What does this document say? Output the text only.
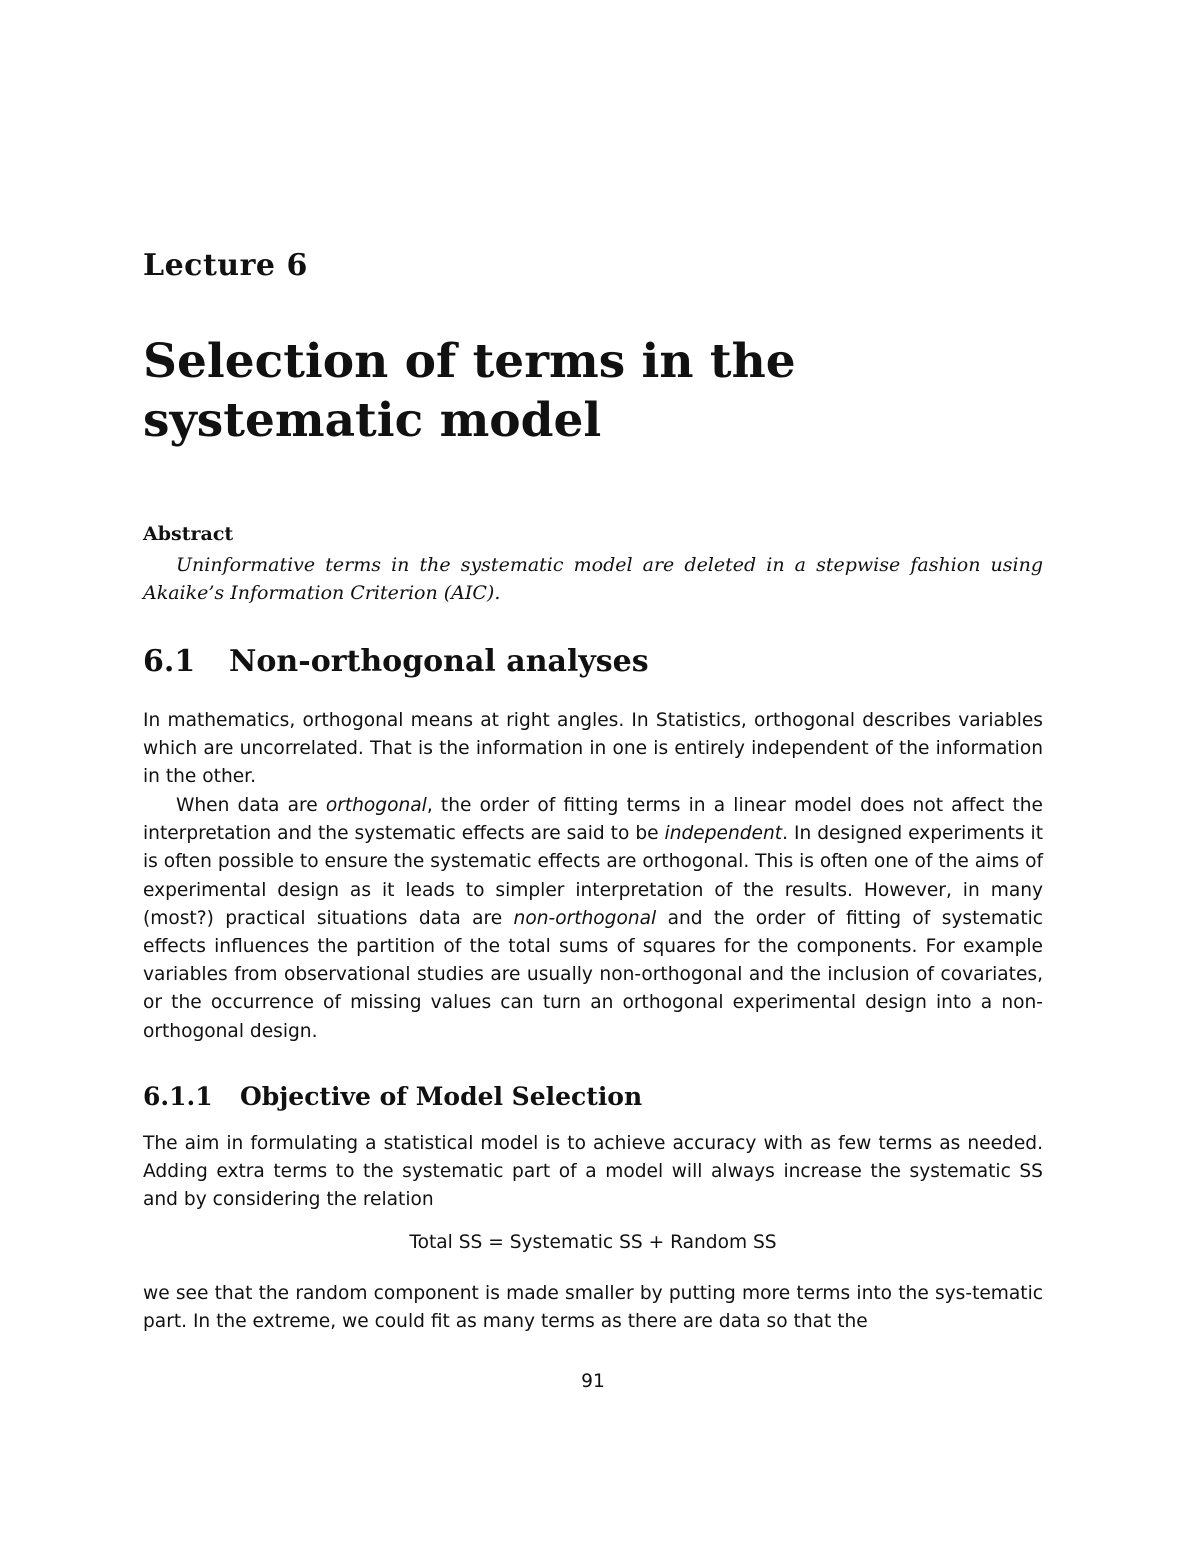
Lecture 6
Selection of terms in the systematic model
Abstract
Uninformative terms in the systematic model are deleted in a stepwise fashion using Akaike’s Information Criterion (AIC).
6.1 Non-orthogonal analyses

In mathematics, orthogonal means at right angles. In Statistics, orthogonal describes variables which are uncorrelated. That is the information in one is entirely independent of the information in the other.

When data are orthogonal, the order of fitting terms in a linear model does not affect the interpretation and the systematic effects are said to be independent. In designed experiments it is often possible to ensure the systematic effects are orthogonal. This is often one of the aims of experimental design as it leads to simpler interpretation of the results. However, in many (most?) practical situations data are non-orthogonal and the order of fitting of systematic effects influences the partition of the total sums of squares for the components. For example variables from observational studies are usually non-orthogonal and the inclusion of covariates, or the occurrence of missing values can turn an orthogonal experimental design into a non-orthogonal design.

6.1.1 Objective of Model Selection

The aim in formulating a statistical model is to achieve accuracy with as few terms as needed. Adding extra terms to the systematic part of a model will always increase the systematic SS and by considering the relation

Total SS = Systematic SS + Random SS

we see that the random component is made smaller by putting more terms into the sys-tematic part. In the extreme, we could fit as many terms as there are data so that the

91
